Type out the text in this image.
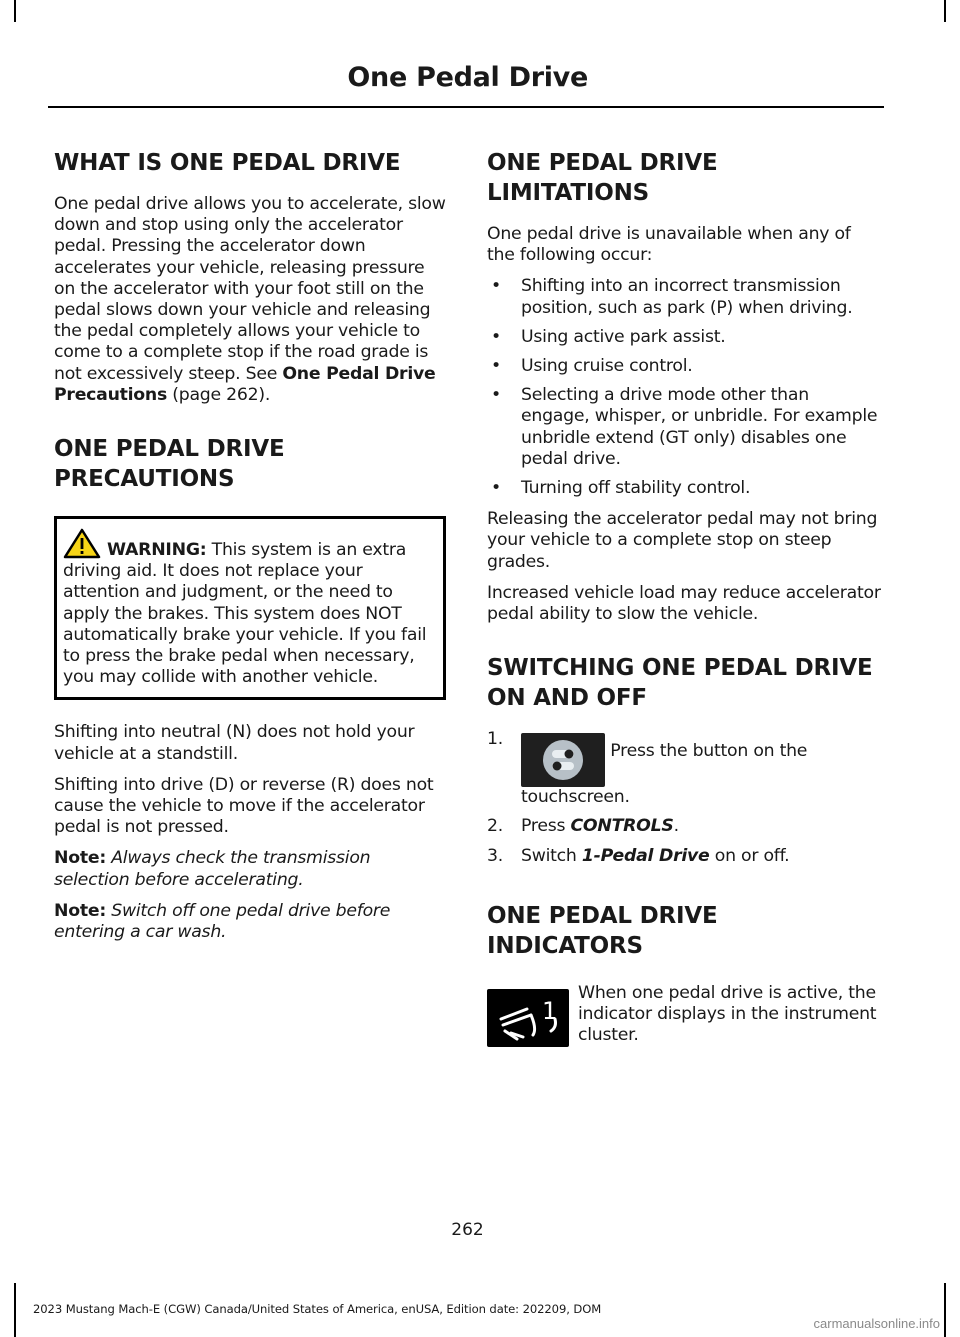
One Pedal Drive
WHAT IS ONE PEDAL DRIVE

One pedal drive allows you to accelerate, slow down and stop using only the accelerator pedal. Pressing the accelerator down accelerates your vehicle, releasing pressure on the accelerator with your foot still on the pedal slows down your vehicle and releasing the pedal completely allows your vehicle to come to a complete stop if the road grade is not excessively steep. See One Pedal Drive Precautions (page 262).

ONE PEDAL DRIVE
PRECAUTIONS
WARNING: This system is an extra driving aid. It does not replace your attention and judgment, or the need to apply the brakes. This system does NOT automatically brake your vehicle. If you fail to press the brake pedal when necessary, you may collide with another vehicle.

Shifting into neutral (N) does not hold your vehicle at a standstill.

Shifting into drive (D) or reverse (R) does not cause the vehicle to move if the accelerator pedal is not pressed.

Note: Always check the transmission selection before accelerating.

Note: Switch off one pedal drive before entering a car wash.

ONE PEDAL DRIVE
LIMITATIONS

One pedal drive is unavailable when any of the following occur:

• Shifting into an incorrect transmission position, such as park (P) when driving.
• Using active park assist.
• Using cruise control.
• Selecting a drive mode other than engage, whisper, or unbridle. For example unbridle extend (GT only) disables one pedal drive.
• Turning off stability control.

Releasing the accelerator pedal may not bring your vehicle to a complete stop on steep grades.

Increased vehicle load may reduce accelerator pedal ability to slow the vehicle.

SWITCHING ONE PEDAL DRIVE
ON AND OFF
1.
Press the button on the touchscreen.
2. Press CONTROLS.
3. Switch 1-Pedal Drive on or off.
ONE PEDAL DRIVE
INDICATORS
1

When one pedal drive is active, the indicator displays in the instrument cluster.

262
2023 Mustang Mach-E (CGW) Canada/United States of America, enUSA, Edition date: 202209, DOM
carmanualsonline.info
